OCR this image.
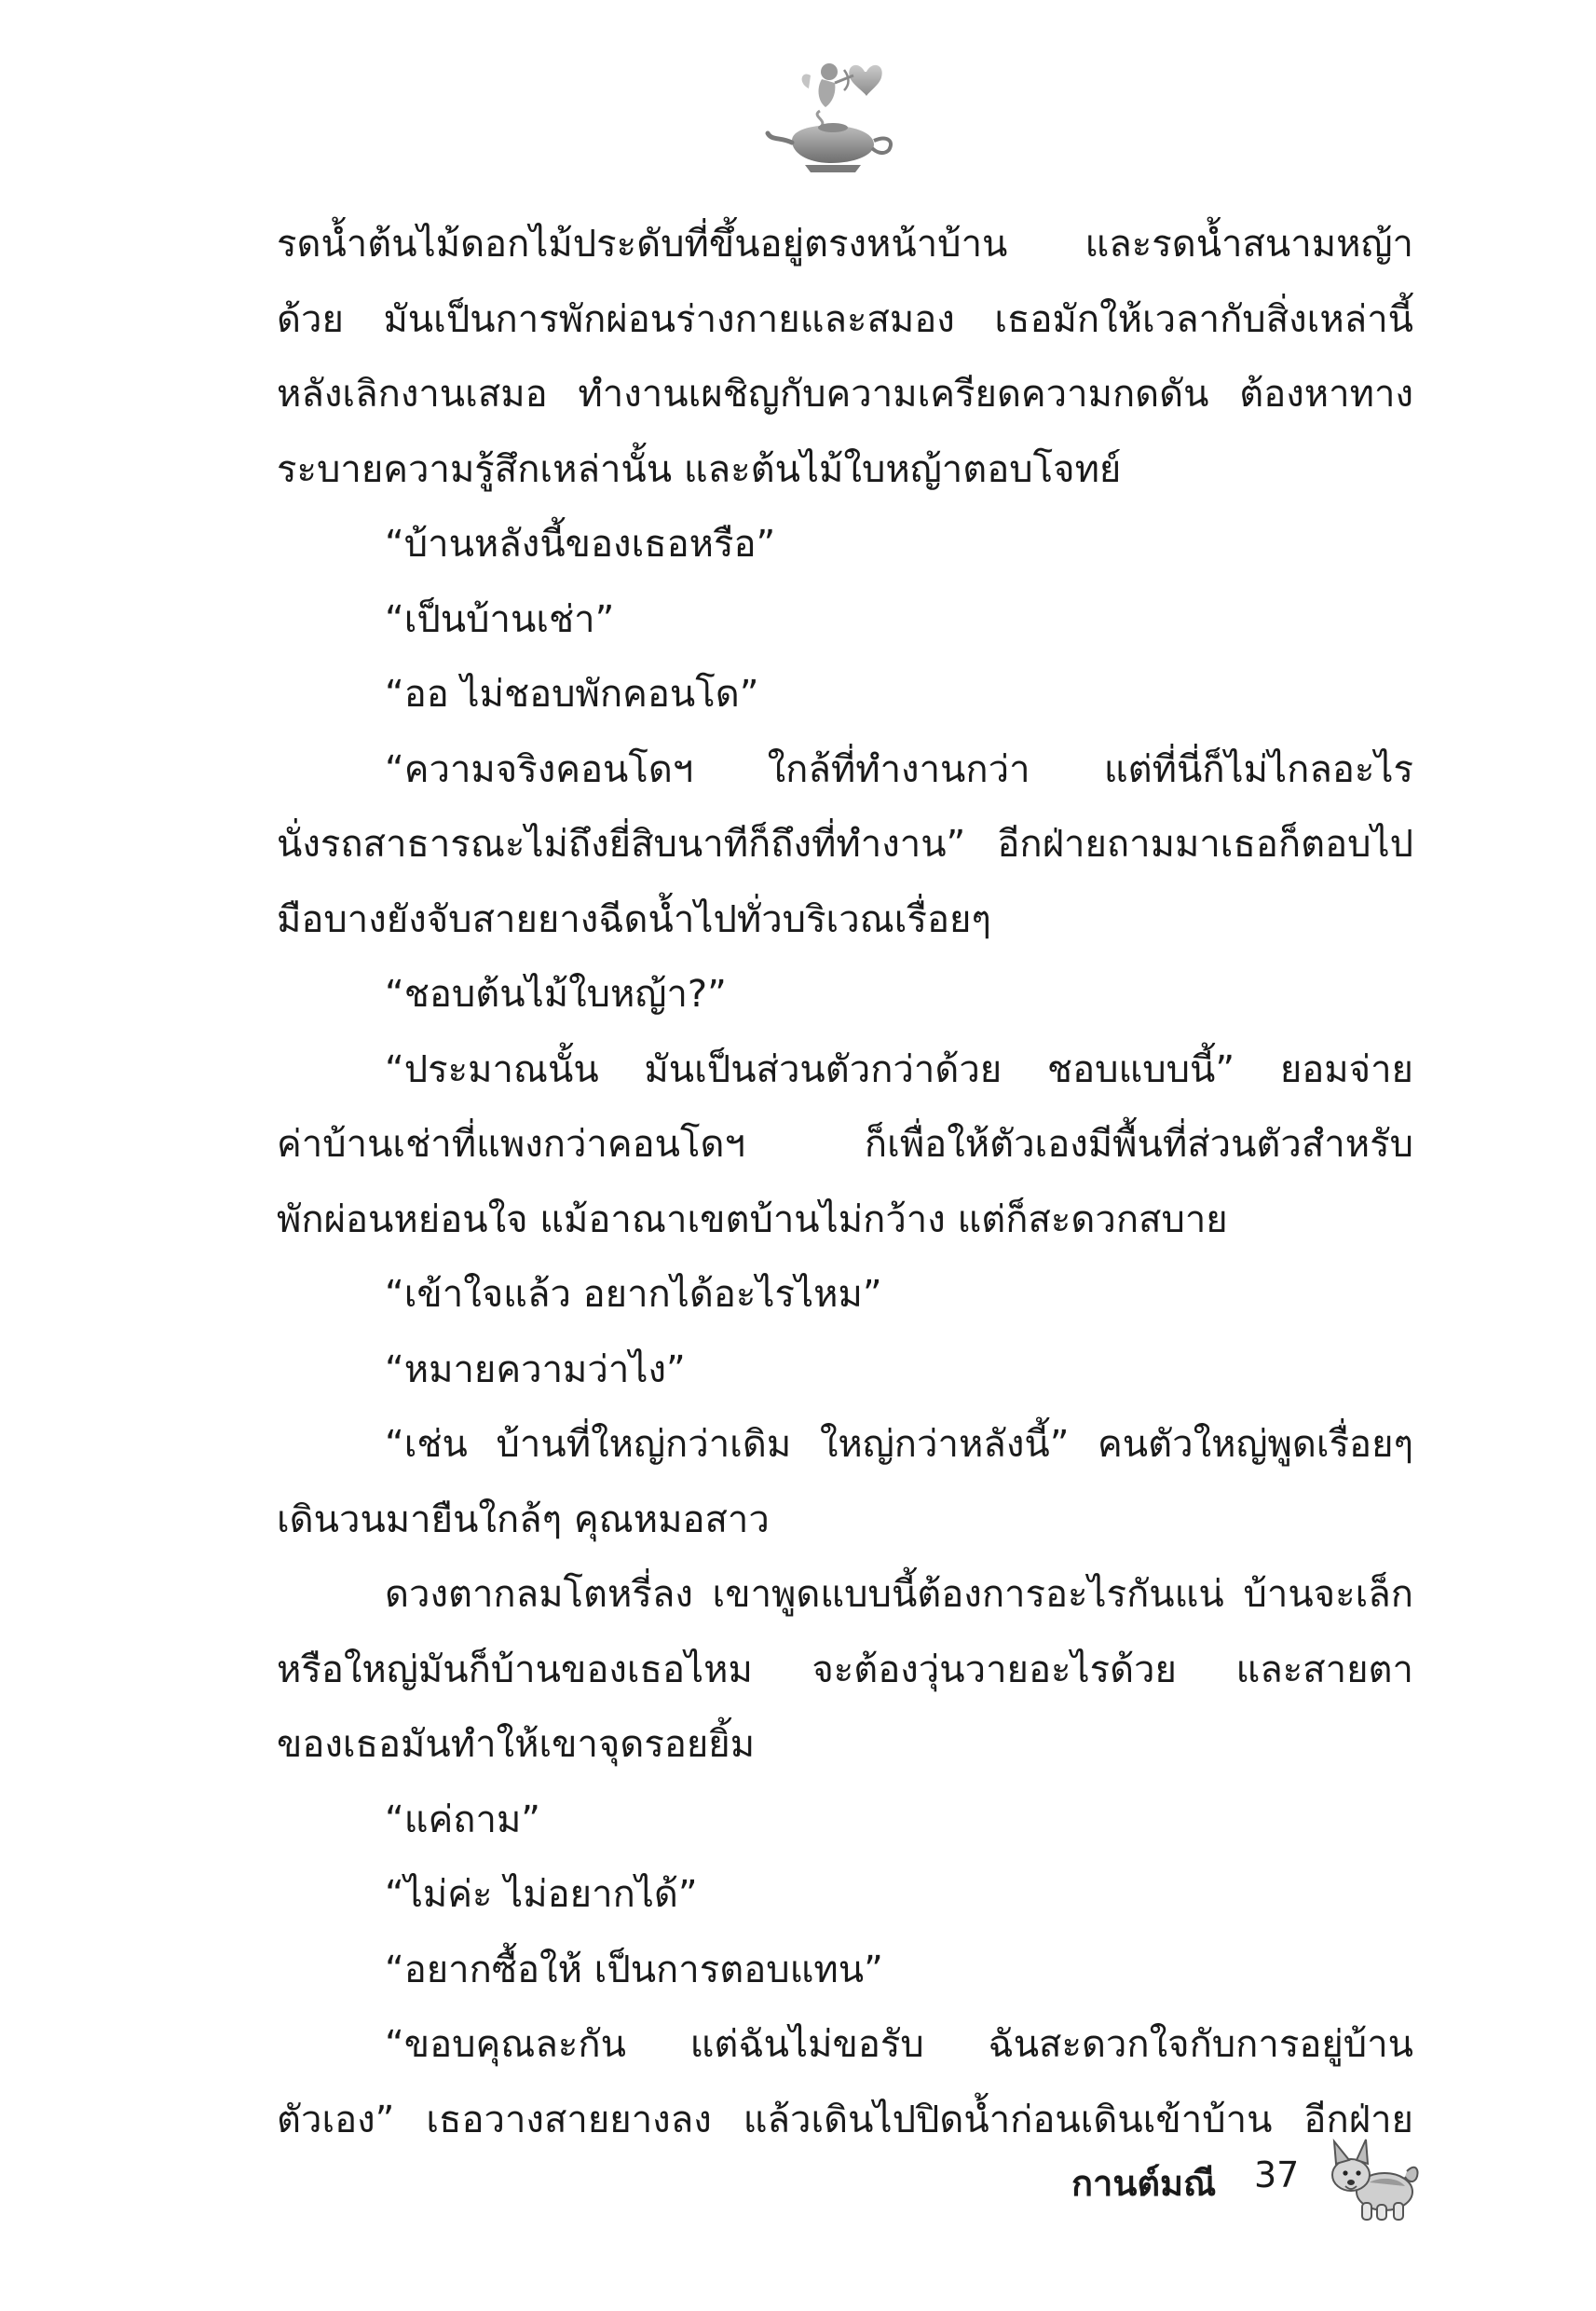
รดน้ำต้นไม้ดอกไม้ประดับที่ขึ้นอยู่ตรงหน้าบ้าน และรดน้ำสนามหญ้า
ด้วย มันเป็นการพักผ่อนร่างกายและสมอง เธอมักให้เวลากับสิ่งเหล่านี้
หลังเลิกงานเสมอ ทำงานเผชิญกับความเครียดความกดดัน ต้องหาทาง
ระบายความรู้สึกเหล่านั้น และต้นไม้ใบหญ้าตอบโจทย์
“บ้านหลังนี้ของเธอหรือ”
“เป็นบ้านเช่า”
“ออ ไม่ชอบพักคอนโด”
“ความจริงคอนโดฯ ใกล้ที่ทำงานกว่า แต่ที่นี่ก็ไม่ไกลอะไร
นั่งรถสาธารณะไม่ถึงยี่สิบนาทีก็ถึงที่ทำงาน” อีกฝ่ายถามมาเธอก็ตอบไป
มือบางยังจับสายยางฉีดน้ำไปทั่วบริเวณเรื่อยๆ
“ชอบต้นไม้ใบหญ้า?”
“ประมาณนั้น มันเป็นส่วนตัวกว่าด้วย ชอบแบบนี้” ยอมจ่าย
ค่าบ้านเช่าที่แพงกว่าคอนโดฯ ก็เพื่อให้ตัวเองมีพื้นที่ส่วนตัวสำหรับ
พักผ่อนหย่อนใจ แม้อาณาเขตบ้านไม่กว้าง แต่ก็สะดวกสบาย
“เข้าใจแล้ว อยากได้อะไรไหม”
“หมายความว่าไง”
“เช่น บ้านที่ใหญ่กว่าเดิม ใหญ่กว่าหลังนี้” คนตัวใหญ่พูดเรื่อยๆ
เดินวนมายืนใกล้ๆ คุณหมอสาว
ดวงตากลมโตหรี่ลง เขาพูดแบบนี้ต้องการอะไรกันแน่ บ้านจะเล็ก
หรือใหญ่มันก็บ้านของเธอไหม จะต้องวุ่นวายอะไรด้วย และสายตา
ของเธอมันทำให้เขาจุดรอยยิ้ม
“แค่ถาม”
“ไม่ค่ะ ไม่อยากได้”
“อยากซื้อให้ เป็นการตอบแทน”
“ขอบคุณละกัน แต่ฉันไม่ขอรับ ฉันสะดวกใจกับการอยู่บ้าน
ตัวเอง” เธอวางสายยางลง แล้วเดินไปปิดน้ำก่อนเดินเข้าบ้าน อีกฝ่าย
กานต์มณี 37
